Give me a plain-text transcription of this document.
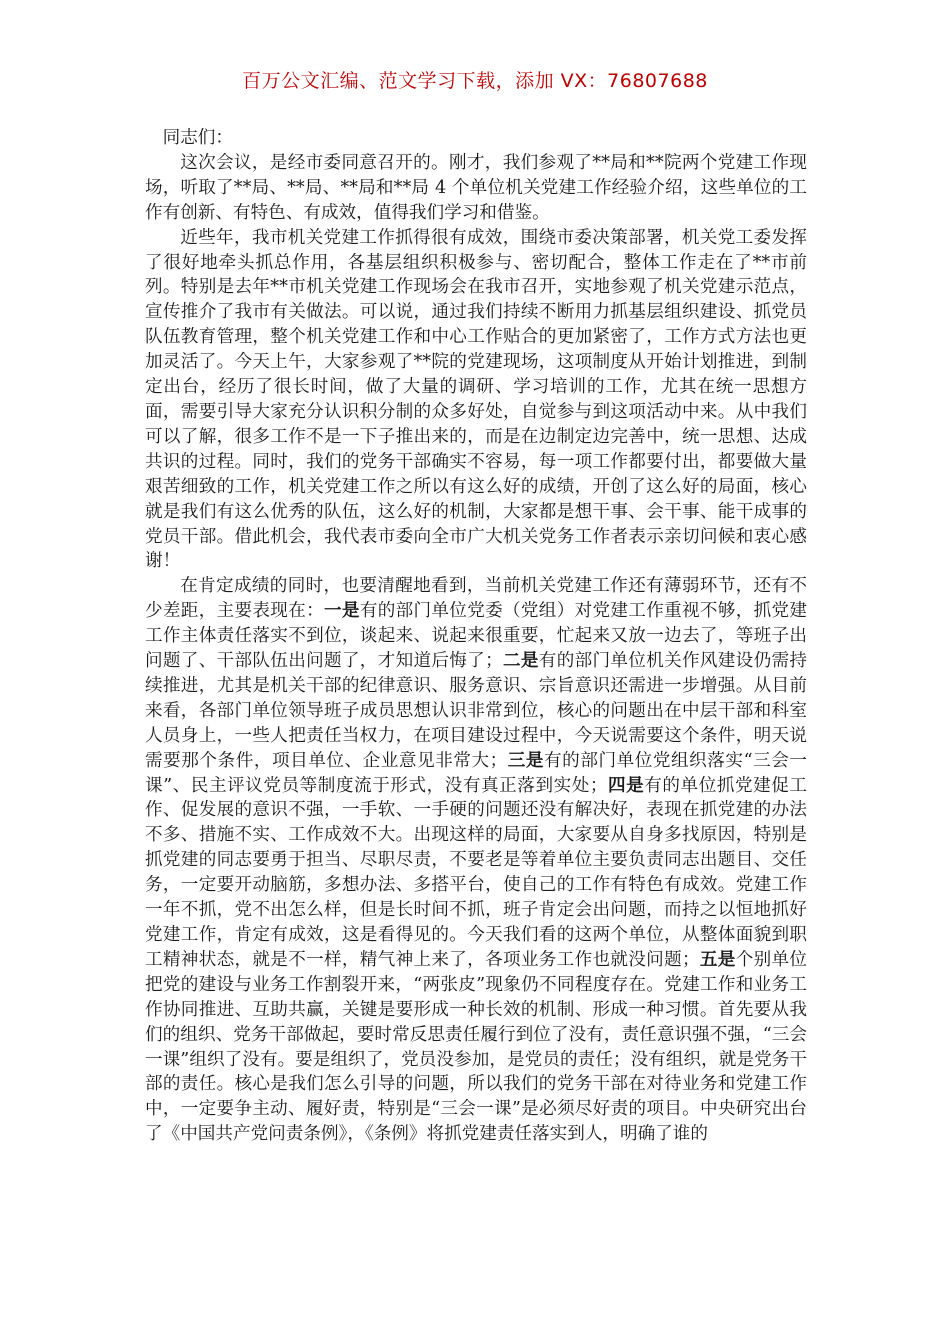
百万公文汇编、范文学习下载，添加 VX：76807688

同志们：

这次会议，是经市委同意召开的。刚才，我们参观了**局和**院两个党建工作现场，听取了**局、**局、**局和**局 4 个单位机关党建工作经验介绍，这些单位的工作有创新、有特色、有成效，值得我们学习和借鉴。

近些年，我市机关党建工作抓得很有成效，围绕市委决策部署，机关党工委发挥了很好地牵头抓总作用，各基层组织积极参与、密切配合，整体工作走在了**市前列。特别是去年**市机关党建工作现场会在我市召开，实地参观了机关党建示范点，宣传推介了我市有关做法。可以说，通过我们持续不断用力抓基层组织建设、抓党员队伍教育管理，整个机关党建工作和中心工作贴合的更加紧密了，工作方式方法也更加灵活了。今天上午，大家参观了**院的党建现场，这项制度从开始计划推进，到制定出台，经历了很长时间，做了大量的调研、学习培训的工作，尤其在统一思想方面，需要引导大家充分认识积分制的众多好处，自觉参与到这项活动中来。从中我们可以了解，很多工作不是一下子推出来的，而是在边制定边完善中，统一思想、达成共识的过程。同时，我们的党务干部确实不容易，每一项工作都要付出，都要做大量艰苦细致的工作，机关党建工作之所以有这么好的成绩，开创了这么好的局面，核心就是我们有这么优秀的队伍，这么好的机制，大家都是想干事、会干事、能干成事的党员干部。借此机会，我代表市委向全市广大机关党务工作者表示亲切问候和衷心感谢！

在肯定成绩的同时，也要清醒地看到，当前机关党建工作还有薄弱环节，还有不少差距，主要表现在：一是有的部门单位党委（党组）对党建工作重视不够，抓党建工作主体责任落实不到位，谈起来、说起来很重要，忙起来又放一边去了，等班子出问题了、干部队伍出问题了，才知道后悔了；二是有的部门单位机关作风建设仍需持续推进，尤其是机关干部的纪律意识、服务意识、宗旨意识还需进一步增强。从目前来看，各部门单位领导班子成员思想认识非常到位，核心的问题出在中层干部和科室人员身上，一些人把责任当权力，在项目建设过程中，今天说需要这个条件，明天说需要那个条件，项目单位、企业意见非常大；三是有的部门单位党组织落实“三会一课”、民主评议党员等制度流于形式，没有真正落到实处；四是有的单位抓党建促工作、促发展的意识不强，一手软、一手硬的问题还没有解决好，表现在抓党建的办法不多、措施不实、工作成效不大。出现这样的局面，大家要从自身多找原因，特别是抓党建的同志要勇于担当、尽职尽责，不要老是等着单位主要负责同志出题目、交任务，一定要开动脑筋，多想办法、多搭平台，使自己的工作有特色有成效。党建工作一年不抓，党不出怎么样，但是长时间不抓，班子肯定会出问题，而持之以恒地抓好党建工作，肯定有成效，这是看得见的。今天我们看的这两个单位，从整体面貌到职工精神状态，就是不一样，精气神上来了，各项业务工作也就没问题；五是个别单位把党的建设与业务工作割裂开来，“两张皮”现象仍不同程度存在。党建工作和业务工作协同推进、互助共赢，关键是要形成一种长效的机制、形成一种习惯。首先要从我们的组织、党务干部做起，要时常反思责任履行到位了没有，责任意识强不强，“三会一课”组织了没有。要是组织了，党员没参加，是党员的责任；没有组织，就是党务干部的责任。核心是我们怎么引导的问题，所以我们的党务干部在对待业务和党建工作中，一定要争主动、履好责，特别是“三会一课”是必须尽好责的项目。中央研究出台了《中国共产党问责条例》，《条例》将抓党建责任落实到人，明确了谁的
